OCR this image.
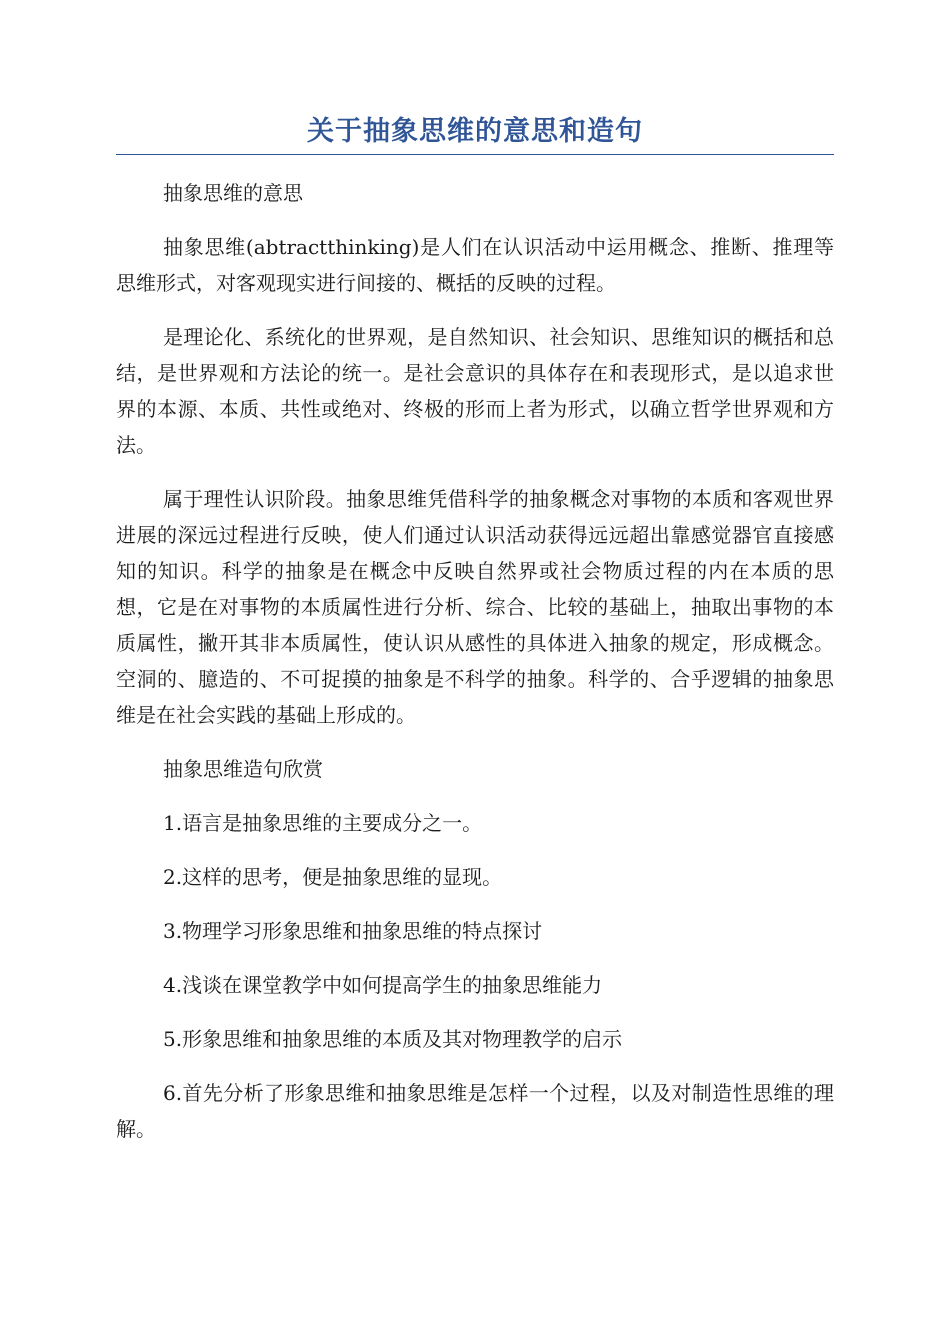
关于抽象思维的意思和造句

抽象思维的意思

抽象思维(abtractthinking)是人们在认识活动中运用概念、推断、推理等思维形式，对客观现实进行间接的、概括的反映的过程。

是理论化、系统化的世界观，是自然知识、社会知识、思维知识的概括和总结，是世界观和方法论的统一。是社会意识的具体存在和表现形式，是以追求世界的本源、本质、共性或绝对、终极的形而上者为形式，以确立哲学世界观和方法。

属于理性认识阶段。抽象思维凭借科学的抽象概念对事物的本质和客观世界进展的深远过程进行反映，使人们通过认识活动获得远远超出靠感觉器官直接感知的知识。科学的抽象是在概念中反映自然界或社会物质过程的内在本质的思想，它是在对事物的本质属性进行分析、综合、比较的基础上，抽取出事物的本质属性，撇开其非本质属性，使认识从感性的具体进入抽象的规定，形成概念。空洞的、臆造的、不可捉摸的抽象是不科学的抽象。科学的、合乎逻辑的抽象思维是在社会实践的基础上形成的。

抽象思维造句欣赏

1.语言是抽象思维的主要成分之一。

2.这样的思考，便是抽象思维的显现。

3.物理学习形象思维和抽象思维的特点探讨

4.浅谈在课堂教学中如何提高学生的抽象思维能力

5.形象思维和抽象思维的本质及其对物理教学的启示

6.首先分析了形象思维和抽象思维是怎样一个过程，以及对制造性思维的理解。
